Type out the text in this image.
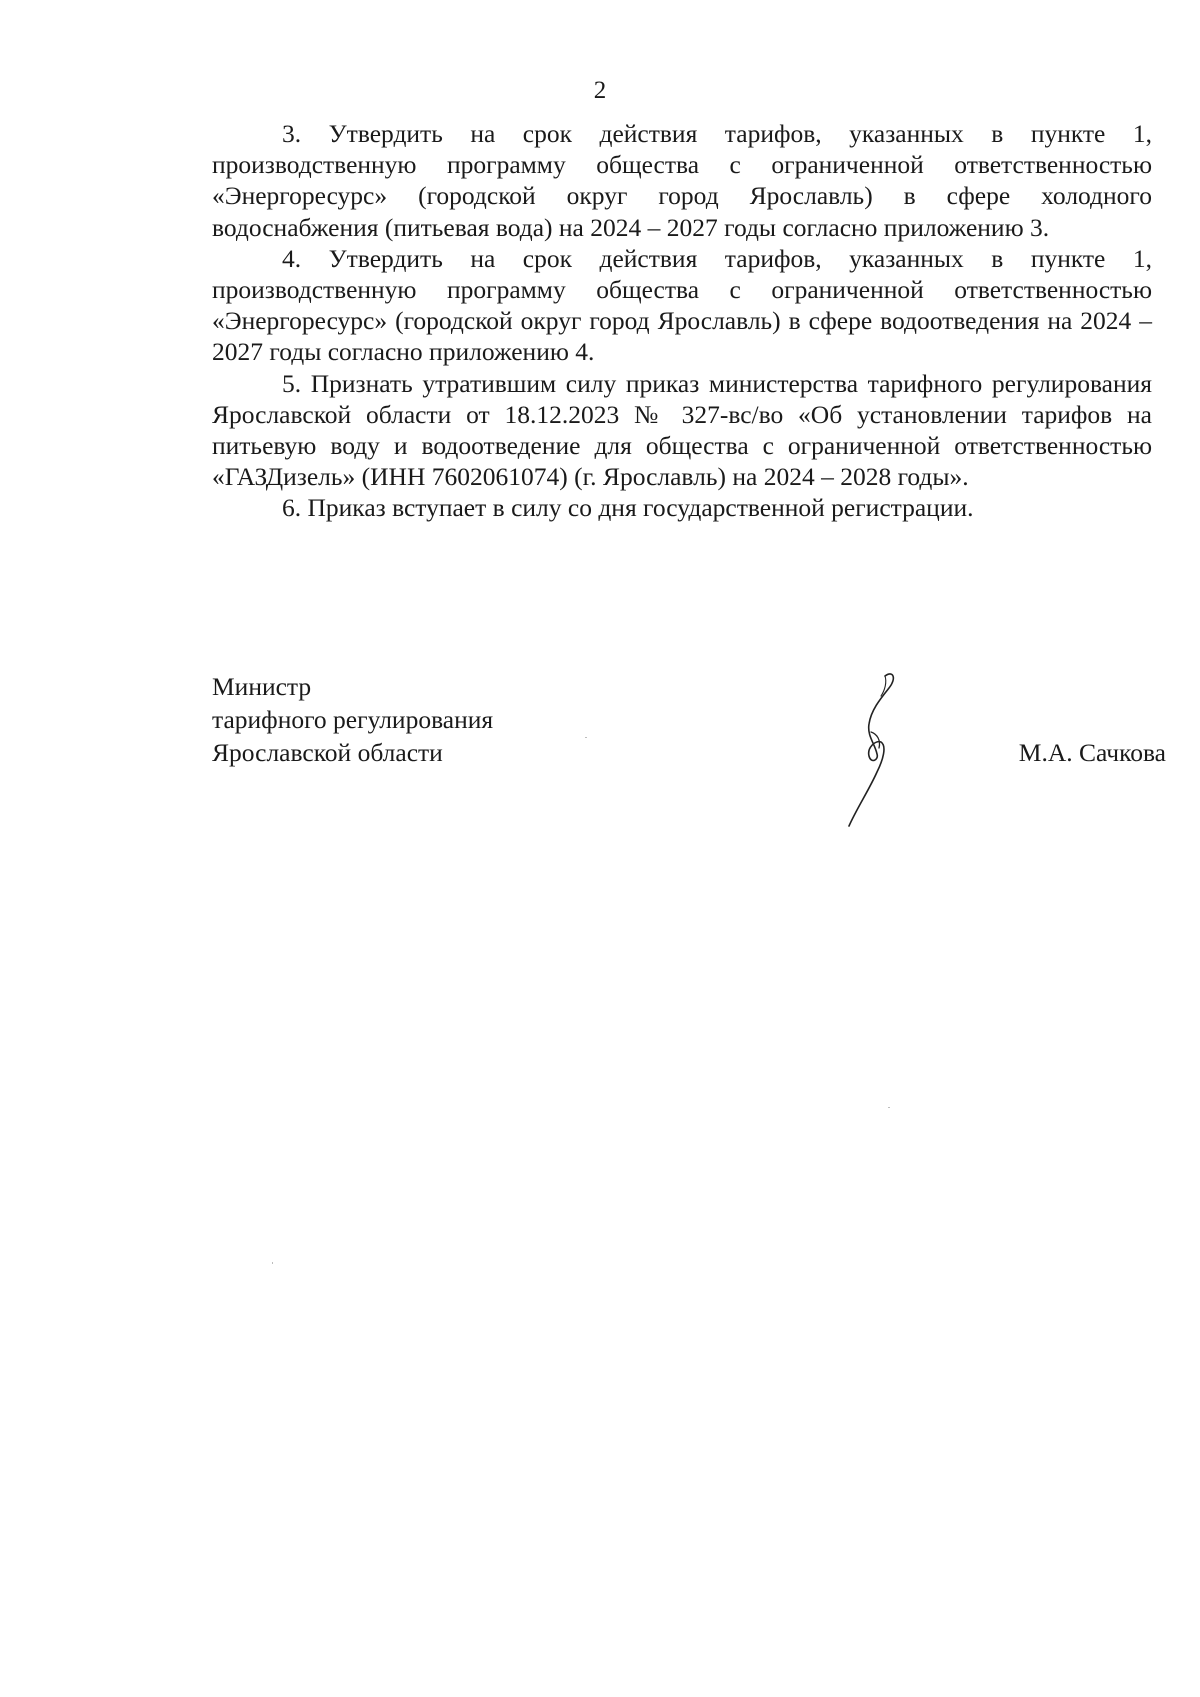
2

3. Утвердить на срок действия тарифов, указанных в пункте 1, производственную программу общества с ограниченной ответственностью «Энергоресурс» (городской округ город Ярославль) в сфере холодного водоснабжения (питьевая вода) на 2024 – 2027 годы согласно приложению 3.

4. Утвердить на срок действия тарифов, указанных в пункте 1, производственную программу общества с ограниченной ответственностью «Энергоресурс» (городской округ город Ярославль) в сфере водоотведения на 2024 – 2027 годы согласно приложению 4.

5. Признать утратившим силу приказ министерства тарифного регулирования Ярославской области от 18.12.2023 № 327-вс/во «Об установлении тарифов на питьевую воду и водоотведение для общества с ограниченной ответственностью «ГАЗДизель» (ИНН 7602061074) (г. Ярославль) на 2024 – 2028 годы».

6. Приказ вступает в силу со дня государственной регистрации.

Министр
тарифного регулирования
Ярославской области	М.А. Сачкова
